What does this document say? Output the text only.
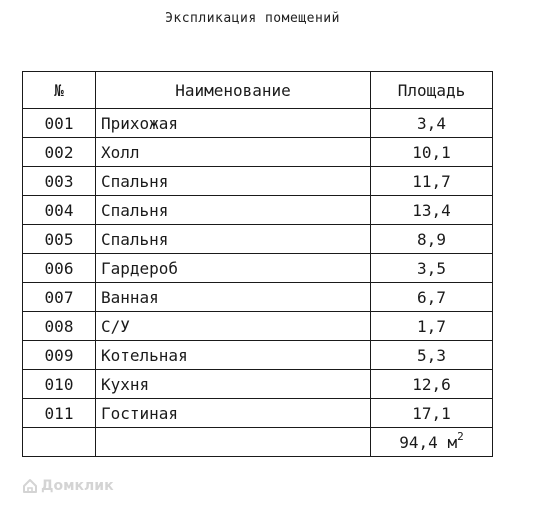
Экспликация помещений
№	Наименование	Площадь
001	Прихожая	3,4
002	Холл	10,1
003	Спальня	11,7
004	Спальня	13,4
005	Спальня	8,9
006	Гардероб	3,5
007	Ванная	6,7
008	С/У	1,7
009	Котельная	5,3
010	Кухня	12,6
011	Гостиная	17,1
		94,4 $м^2$
Домклик
